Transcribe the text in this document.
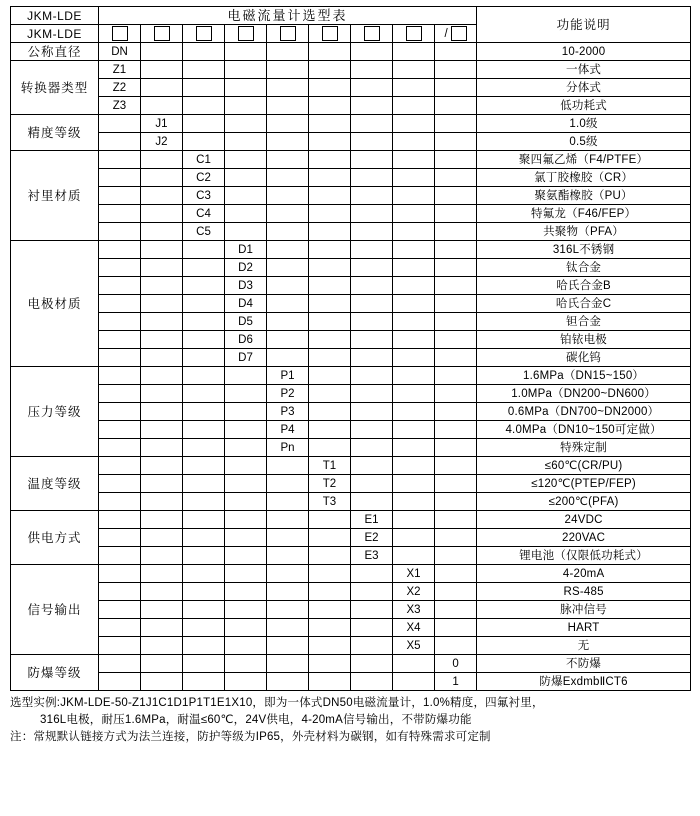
JKM-LDE	电磁流量计选型表									功能说明
JKM-LDE									/	
公称直径	DN									10-2000
转换器类型	Z1									一体式
	Z2									分体式
	Z3									低功耗式
精度等级		J1								1.0级
		J2								0.5级
衬里材质			C1							聚四氟乙烯（F4/PTFE）
			C2							氯丁胶橡胶（CR）
			C3							聚氨酯橡胶（PU）
			C4							特氟龙（F46/FEP）
			C5							共聚物（PFA）
电极材质				D1						316L不锈钢
				D2						钛合金
				D3						哈氏合金B
				D4						哈氏合金C
				D5						钽合金
				D6						铂铱电极
				D7						碳化钨
压力等级					P1					1.6MPa（DN15~150）
					P2					1.0MPa（DN200~DN600）
					P3					0.6MPa（DN700~DN2000）
					P4					4.0MPa（DN10~150可定做）
					Pn					特殊定制
温度等级						T1				≤60℃(CR/PU)
						T2				≤120℃(PTEP/FEP)
						T3				≤200℃(PFA)
供电方式							E1			24VDC
							E2			220VAC
							E3			锂电池（仅限低功耗式）
信号输出								X1		4-20mA
								X2		RS-485
								X3		脉冲信号
								X4		HART
								X5		无
防爆等级									0	不防爆
									1	防爆ExdmbⅡCT6
选型实例:JKM-LDE-50-Z1J1C1D1P1T1E1X10，即为一体式DN50电磁流量计，1.0%精度，四氟衬里，
316L电极，耐压1.6MPa，耐温≤60℃，24V供电，4-20mA信号输出，不带防爆功能
注：常规默认链接方式为法兰连接，防护等级为IP65，外壳材料为碳钢，如有特殊需求可定制
